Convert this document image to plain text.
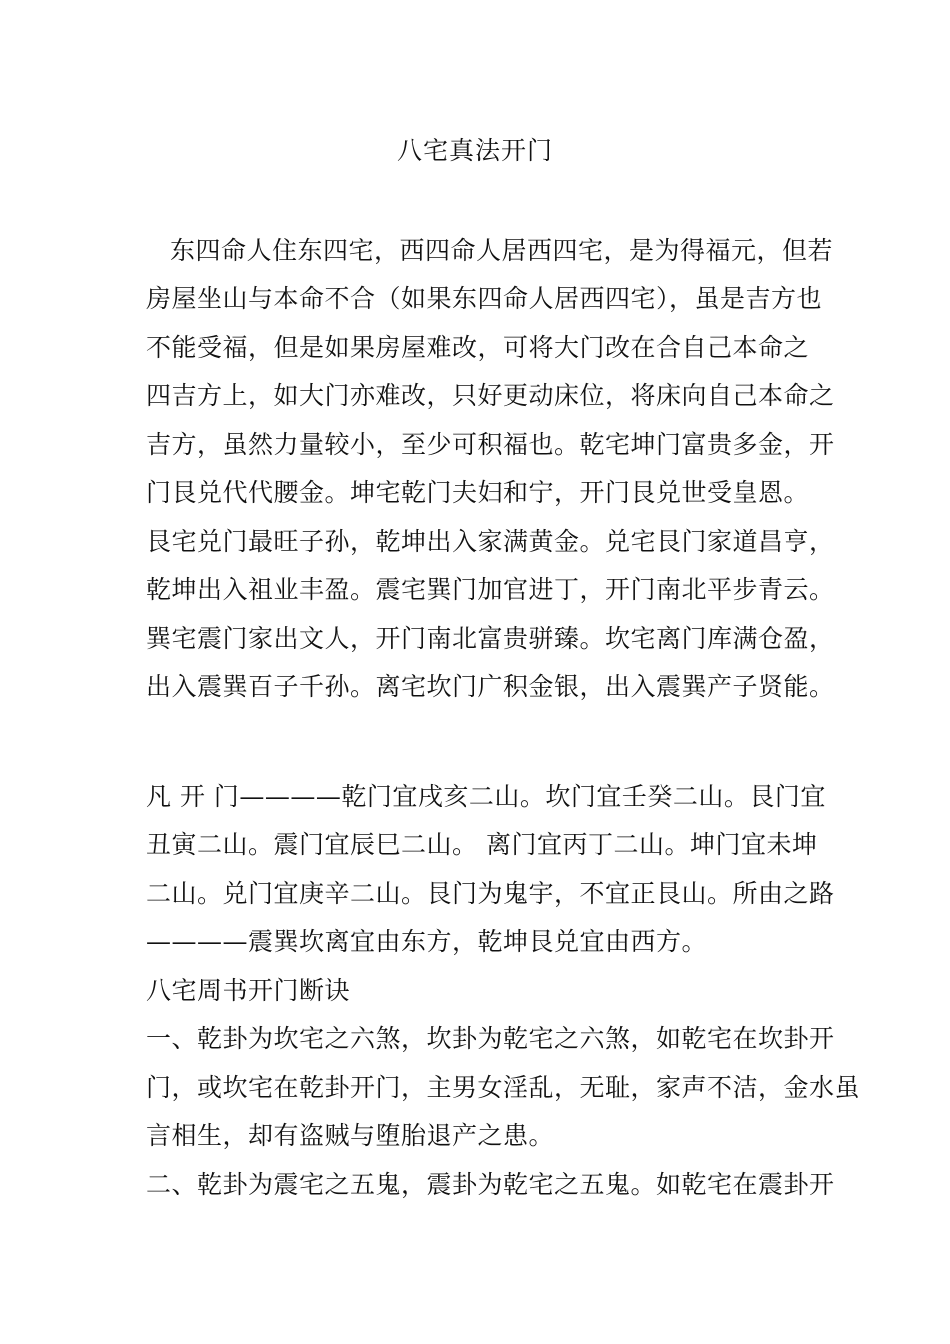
八宅真法开门
东四命人住东四宅，西四命人居西四宅，是为得福元，但若
房屋坐山与本命不合（如果东四命人居西四宅），虽是吉方也
不能受福，但是如果房屋难改，可将大门改在合自己本命之
四吉方上，如大门亦难改，只好更动床位，将床向自己本命之
吉方，虽然力量较小，至少可积福也。乾宅坤门富贵多金，开
门艮兑代代腰金。坤宅乾门夫妇和宁，开门艮兑世受皇恩。
艮宅兑门最旺子孙，乾坤出入家满黄金。兑宅艮门家道昌亨，
乾坤出入祖业丰盈。震宅巽门加官进丁，开门南北平步青云。
巽宅震门家出文人，开门南北富贵骈臻。坎宅离门库满仓盈，
出入震巽百子千孙。离宅坎门广积金银，出入震巽产子贤能。
凡 开 门————乾门宜戌亥二山。坎门宜壬癸二山。艮门宜
丑寅二山。震门宜辰巳二山。 离门宜丙丁二山。坤门宜未坤
二山。兑门宜庚辛二山。艮门为鬼宇，不宜正艮山。所由之路
————震巽坎离宜由东方，乾坤艮兑宜由西方。
八宅周书开门断诀
一、乾卦为坎宅之六煞，坎卦为乾宅之六煞，如乾宅在坎卦开
门，或坎宅在乾卦开门，主男女淫乱，无耻，家声不洁，金水虽
言相生，却有盗贼与堕胎退产之患。
二、乾卦为震宅之五鬼，震卦为乾宅之五鬼。如乾宅在震卦开
